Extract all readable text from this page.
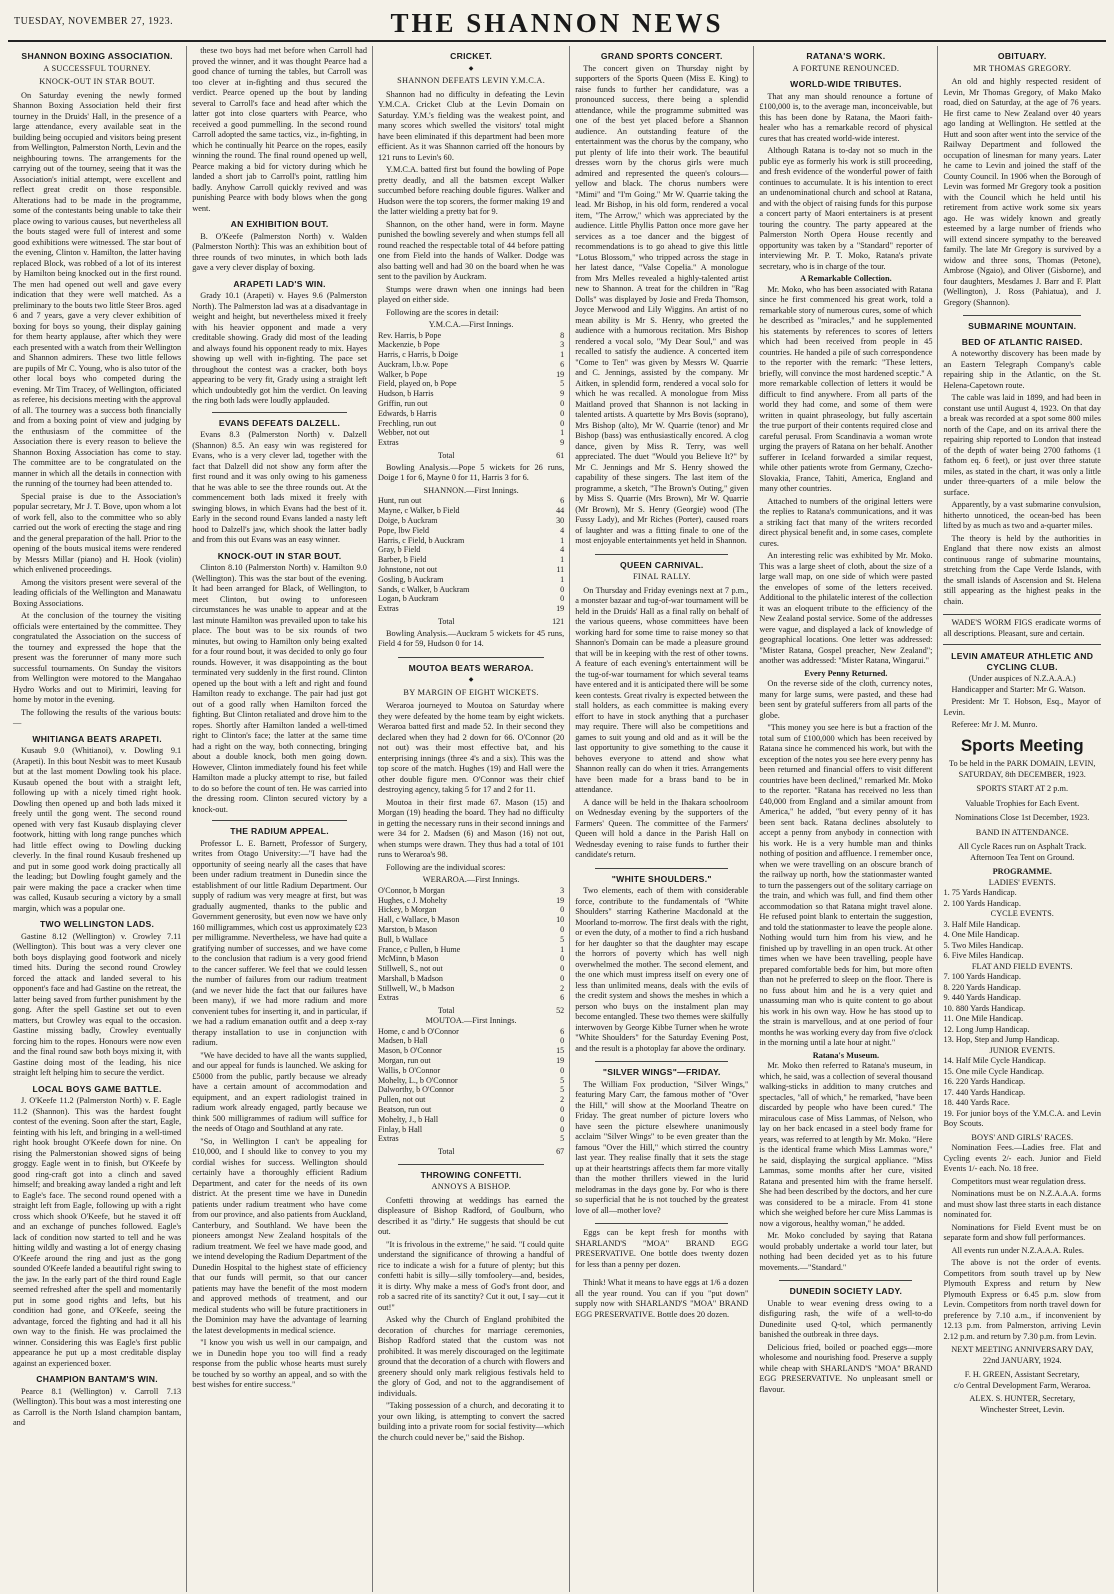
TUESDAY, NOVEMBER 27, 1923.	THE SHANNON NEWS
SHANNON BOXING ASSOCIATION.
A SUCCESSFUL TOURNEY.
KNOCK-OUT IN STAR BOUT.

On Saturday evening the newly formed Shannon Boxing Association held their first tourney in the Druids' Hall, in the presence of a large attendance, every available seat in the building being occupied and visitors being present from Wellington, Palmerston North, Levin and the neighbouring towns. The arrangements for the carrying out of the tourney, seeing that it was the Association's initial attempt, were excellent and reflect great credit on those responsible. Alterations had to be made in the programme, some of the contestants being unable to take their place owing to various causes, but nevertheless all the bouts staged were full of interest and some good exhibitions were witnessed. The star bout of the evening, Clinton v. Hamilton, the latter having replaced Block, was robbed of a lot of its interest by Hamilton being knocked out in the first round. The men had opened out well and gave every indication that they were well matched. As a preliminary to the bouts two little Steer Bros. aged 6 and 7 years, gave a very clever exhibition of boxing for boys so young, their display gaining for them hearty applause, after which they were each presented with a watch from their Wellington and Shannon admirers. These two little fellows are pupils of Mr C. Young, who is also tutor of the other local boys who competed during the evening. Mr Tim Tracey, of Wellington, officiated as referee, his decisions meeting with the approval of all. The tourney was a success both financially and from a boxing point of view and judging by the enthusiasm of the committee of the Association there is every reason to believe the Shannon Boxing Association has come to stay. The committee are to be congratulated on the manner in which all the details in connection with the running of the tourney had been attended to.

Special praise is due to the Association's popular secretary, Mr J. T. Bove, upon whom a lot of work fell, also to the committee who so ably carried out the work of erecting the stage and ring and the general preparation of the hall. Prior to the opening of the bouts musical items were rendered by Messrs Millar (piano) and H. Hook (violin) which enlivened proceedings.

Among the visitors present were several of the leading officials of the Wellington and Manawatu Boxing Associations.

At the conclusion of the tourney the visiting officials were entertained by the committee. They congratulated the Association on the success of the tourney and expressed the hope that the present was the forerunner of many more such successful tournaments. On Sunday the visitors from Wellington were motored to the Mangahao Hydro Works and out to Mirimiri, leaving for home by motor in the evening.

The following the results of the various bouts:—

WHITIANGA BEATS ARAPETI.

Kusaub 9.0 (Whitianoi), v. Dowling 9.1 (Arapeti). In this bout Nesbit was to meet Kusaub but at the last moment Dowling took his place. Kusaub opened the bout with a straight left, following up with a nicely timed right hook. Dowling then opened up and both lads mixed it freely until the gong went. The second round opened with very fast Kusaub displaying clever footwork, hitting with long range punches which had little effect owing to Dowling ducking cleverly. In the final round Kusaub freshened up and put in some good work doing practically all the leading; but Dowling fought gamely and the pair were making the pace a cracker when time was called, Kusaub securing a victory by a small margin, which was a popular one.

TWO WELLINGTON LADS.

Gastine 8.12 (Wellington) v. Crowley 7.11 (Wellington). This bout was a very clever one both boys displaying good footwork and nicely timed hits. During the second round Crowley forced the attack and landed several to his opponent's face and had Gastine on the retreat, the latter being saved from further punishment by the gong. After the spell Gastine set out to even matters, but Crowley was equal to the occasion. Gastine missing badly, Crowley eventually forcing him to the ropes. Honours were now even and the final round saw both boys mixing it, with Gastine doing most of the leading, his nice straight left helping him to secure the verdict.

LOCAL BOYS GAME BATTLE.

J. O'Keefe 11.2 (Palmerston North) v. F. Eagle 11.2 (Shannon). This was the hardest fought contest of the evening. Soon after the start, Eagle, feinting with his left, and bringing in a well-timed right hook brought O'Keefe down for nine. On rising the Palmerstonian showed signs of being groggy. Eagle went in to finish, but O'Keefe by good ring-craft got into a clinch and saved himself; and breaking away landed a right and left to Eagle's face. The second round opened with a straight left from Eagle, following up with a right cross which shook O'Keefe, but he staved it off and an exchange of punches followed. Eagle's lack of condition now started to tell and he was hitting wildly and wasting a lot of energy chasing O'Keefe around the ring and just as the gong sounded O'Keefe landed a beautiful right swing to the jaw. In the early part of the third round Eagle seemed refreshed after the spell and momentarily put in some good rights and lefts, but his condition had gone, and O'Keefe, seeing the advantage, forced the fighting and had it all his own way to the finish. He was proclaimed the winner. Considering this was Eagle's first public appearance he put up a most creditable display against an experienced boxer.

CHAMPION BANTAM'S WIN.

Pearce 8.1 (Wellington) v. Carroll 7.13 (Wellington). This bout was a most interesting one as Carroll is the North Island champion bantam, and

these two boys had met before when Carroll had proved the winner, and it was thought Pearce had a good chance of turning the tables, but Carroll was too clever at in-fighting and thus secured the verdict. Pearce opened up the bout by landing several to Carroll's face and head after which the latter got into close quarters with Pearce, who received a good pummelling. In the second round Carroll adopted the same tactics, viz., in-fighting, in which he continually hit Pearce on the ropes, easily winning the round. The final round opened up well, Pearce making a bid for victory during which he landed a short jab to Carroll's point, rattling him badly. Anyhow Carroll quickly revived and was punishing Pearce with body blows when the gong went.

AN EXHIBITION BOUT.

B. O'Keefe (Palmerston North) v. Walden (Palmerston North): This was an exhibition bout of three rounds of two minutes, in which both lads gave a very clever display of boxing.

ARAPETI LAD'S WIN.

Grady 10.1 (Arapeti) v. Hayes 9.6 (Palmerston North). The Palmerston lad was at a disadvantage in weight and height, but nevertheless mixed it freely with his heavier opponent and made a very creditable showing. Grady did most of the leading and always found his opponent ready to mix. Hayes showing up well with in-fighting. The pace set throughout the contest was a cracker, both boys appearing to be very fit, Grady using a straight left which undoubtedly got him the verdict. On leaving the ring both lads were loudly applauded.

EVANS DEFEATS DALZELL.

Evans 8.3 (Palmerston North) v. Dalzell (Shannon) 8.5. An easy win was registered for Evans, who is a very clever lad, together with the fact that Dalzell did not show any form after the first round and it was only owing to his gameness that he was able to see the three rounds out. At the commencement both lads mixed it freely with swinging blows, in which Evans had the best of it. Early in the second round Evans landed a nasty left hood to Dalzell's jaw, which shook the latter badly and from this out Evans was an easy winner.

KNOCK-OUT IN STAR BOUT.

Clinton 8.10 (Palmerston North) v. Hamilton 9.0 (Wellington). This was the star bout of the evening. It had been arranged for Black, of Wellington, to meet Clinton, but owing to unforeseen circumstances he was unable to appear and at the last minute Hamilton was prevailed upon to take his place. The bout was to be six rounds of two minutes, but owing to Hamilton only being exalted for a four round bout, it was decided to only go four rounds. However, it was disappointing as the bout terminated very suddenly in the first round. Clinton opened up the bout with a left and right and found Hamilton ready to exchange. The pair had just got out of a good rally when Hamilton forced the fighting. But Clinton retaliated and drove him to the ropes. Shortly after Hamilton landed a well-timed right to Clinton's face; the latter at the same time had a right on the way, both connecting, bringing about a double knock, both men going down. However, Clinton immediately found his feet while Hamilton made a plucky attempt to rise, but failed to do so before the count of ten. He was carried into the dressing room. Clinton secured victory by a knock-out.

THE RADIUM APPEAL.

Professor L. E. Barnett, Professor of Surgery, writes from Otago University:—"I have had the opportunity of seeing nearly all the cases that have been under radium treatment in Dunedin since the establishment of our little Radium Department. Our supply of radium was very meagre at first, but was gradually augmented, thanks to the public and Government generosity, but even now we have only 160 milligrammes, which cost us approximately £23 per milligramme. Nevertheless, we have had quite a gratifying number of successes, and we have come to the conclusion that radium is a very good friend to the cancer sufferer. We feel that we could lessen the number of failures from our radium treatment (and we never hide the fact that our failures have been many), if we had more radium and more convenient tubes for inserting it, and in particular, if we had a radium emanation outfit and a deep x-ray therapy installation to use in conjunction with radium.

"We have decided to have all the wants supplied, and our appeal for funds is launched. We asking for £5000 from the public, partly because we already have a certain amount of accommodation and equipment, and an expert radiologist trained in radium work already engaged, partly because we think 500 milligrammes of radium will suffice for the needs of Otago and Southland at any rate.

"So, in Wellington I can't be appealing for £10,000, and I should like to convey to you my cordial wishes for success. Wellington should certainly have a thoroughly efficient Radium Department, and cater for the needs of its own district. At the present time we have in Dunedin patients under radium treatment who have come from our province, and also patients from Auckland, Canterbury, and Southland. We have been the pioneers amongst New Zealand hospitals of the radium treatment. We feel we have made good, and we intend developing the Radium Department of the Dunedin Hospital to the highest state of efficiency that our funds will permit, so that our cancer patients may have the benefit of the most modern and approved methods of treatment, and our medical students who will be future practitioners in the Dominion may have the advantage of learning the latest developments in medical science.

"I know you wish us well in our campaign, and we in Dunedin hope you too will find a ready response from the public whose hearts must surely be touched by so worthy an appeal, and so with the best wishes for entire success."

CRICKET.
◆
SHANNON DEFEATS LEVIN Y.M.C.A.

Shannon had no difficulty in defeating the Levin Y.M.C.A. Cricket Club at the Levin Domain on Saturday. Y.M.'s fielding was the weakest point, and many scores which swelled the visitors' total might have been eliminated if this department had been more efficient. As it was Shannon carried off the honours by 121 runs to Levin's 60.

Y.M.C.A. batted first but found the bowling of Pope pretty deadly, and all the batsmen except Walker succumbed before reaching double figures. Walker and Hudson were the top scorers, the former making 19 and the latter wielding a pretty bat for 9.

Shannon, on the other hand, were in form. Mayne punished the bowling severely and when stumps fell all round reached the respectable total of 44 before patting one from Field into the hands of Walker. Dodge was also batting well and had 30 on the board when he was sent to the pavilion by Auckram.

Stumps were drawn when one innings had been played on either side.

Following are the scores in detail:

Y.M.C.A.—First Innings.
Rev. Harris, b Pope	8
Mackenzie, b Pope	3
Harris, c Harris, b Doige	1
Auckram, l.b.w. Pope	6
Walker, b Pope	19
Field, played on, b Pope	5
Hudson, b Harris	9
Griffin, run out	0
Edwards, b Harris	0
Frechling, run out	0
Webber, not out	1
Extras	9
Total	61

Bowling Analysis.—Pope 5 wickets for 26 runs, Doige 1 for 6, Mayne 0 for 11, Harris 3 for 6.

SHANNON.—First Innings.
Hunt, run out	6
Mayne, c Walker, b Field	44
Doige, b Auckram	30
Pope, lbw Field	4
Harris, c Field, b Auckram	1
Gray, b Field	4
Barber, b Field	1
Johnstone, not out	11
Gosling, b Auckram	1
Sands, c Walker, b Auckram	0
Logan, b Auckram	0
Extras	19
Total	121

Bowling Analysis.—Auckram 5 wickets for 45 runs, Field 4 for 59, Hudson 0 for 14.

MOUTOA BEATS WERAROA.
◆
BY MARGIN OF EIGHT WICKETS.

Weraroa journeyed to Moutoa on Saturday where they were defeated by the home team by eight wickets. Weraroa batted first and made 52. In their second they declared when they had 2 down for 66. O'Connor (20 not out) was their most effective bat, and his enterprising innings (three 4's and a six). This was the top score of the match. Hughes (19) and Hall were the other double figure men. O'Connor was their chief destroying agency, taking 5 for 17 and 2 for 11.

Moutoa in their first made 67. Mason (15) and Morgan (19) heading the board. They had no difficulty in getting the necessary runs in their second innings and were 34 for 2. Madsen (6) and Mason (16) not out, when stumps were drawn. They thus had a total of 101 runs to Weraroa's 98.

Following are the individual scores:

WERAROA.—First Innings.
O'Connor, b Morgan	3
Hughes, c J. Mohelty	19
Hickey, b Morgan	0
Hall, c Wallace, b Mason	10
Marston, b Mason	0
Bull, b Wallace	5
France, c Pullen, b Hume	1
McMinn, b Mason	0
Stillwell, S., not out	0
Marshall, b Madson	0
Stillwell, W., b Madson	2
Extras	6
Total	52
MOUTOA.—First Innings.
Home, c and b O'Connor	6
Madsen, b Hall	0
Mason, b O'Connor	15
Morgan, run out	19
Wallis, b O'Connor	0
Mohelty, L., b O'Connor	5
Dalworthy, b O'Connor	5
Pullen, not out	2
Beatson, run out	0
Mohelty, J., b Hall	0
Finlay, b Hall	0
Extras	5
Total	67
THROWING CONFETTI.
ANNOYS A BISHOP.

Confetti throwing at weddings has earned the displeasure of Bishop Radford, of Goulburn, who described it as "dirty." He suggests that should be cut out.

"It is frivolous in the extreme," he said. "I could quite understand the significance of throwing a handful of rice to indicate a wish for a future of plenty; but this confetti habit is silly—silly tomfoolery—and, besides, it is dirty. Why make a mess of God's front door, and rob a sacred rite of its sanctity? Cut it out, I say—cut it out!"

Asked why the Church of England prohibited the decoration of churches for marriage ceremonies, Bishop Radford stated that the custom was not prohibited. It was merely discouraged on the legitimate ground that the decoration of a church with flowers and greenery should only mark religious festivals held to the glory of God, and not to the aggrandisement of individuals.

"Taking possession of a church, and decorating it to your own liking, is attempting to convert the sacred building into a private room for social festivity—which the church could never be," said the Bishop.

GRAND SPORTS CONCERT.

The concert given on Thursday night by supporters of the Sports Queen (Miss E. King) to raise funds to further her candidature, was a pronounced success, there being a splendid attendance, while the programme submitted was one of the best yet placed before a Shannon audience. An outstanding feature of the entertainment was the chorus by the company, who put plenty of life into their work. The beautiful dresses worn by the chorus girls were much admired and represented the queen's colours—yellow and black. The chorus numbers were "Mimi" and "I'm Going." Mr W. Quarrie taking the lead. Mr Bishop, in his old form, rendered a vocal item, "The Arrow," which was appreciated by the audience. Little Phyllis Patton once more gave her services as a toe dancer and the biggest of recommendations is to go ahead to give this little "Lotus Blossom," who tripped across the stage in her latest dance, "Valse Copelia." A monologue from Mrs Melles revealed a highly-talented artist new to Shannon. A treat for the children in "Rag Dolls" was displayed by Josie and Freda Thomson, Joyce Merwood and Lily Wiggins. An artist of no mean ability is Mr S. Henry, who greeted the audience with a humorous recitation. Mrs Bishop rendered a vocal solo, "My Dear Soul," and was recalled to satisfy the audience. A concerted item "Come to Ten" was given by Messrs W. Quarrie and C. Jennings, assisted by the company. Mr Aitken, in splendid form, rendered a vocal solo for which he was recalled. A monologue from Miss Maitland proved that Shannon is not lacking in talented artists. A quartette by Mrs Bovis (soprano), Mrs Bishop (alto), Mr W. Quarrie (tenor) and Mr Bishop (bass) was enthusiastically encored. A clog dance, given by Miss R. Terry, was well appreciated. The duet "Would you Believe It?" by Mr C. Jennings and Mr S. Henry showed the capability of these singers. The last item of the programme, a sketch, "The Brown's Outing," given by Miss S. Quarrie (Mrs Brown), Mr W. Quarrie (Mr Brown), Mr S. Henry (Georgie) wood (The Fussy Lady), and Mr Riches (Porter), caused roars of laughter and was a fitting finale to one of the most enjoyable entertainments yet held in Shannon.

QUEEN CARNIVAL.
FINAL RALLY.

On Thursday and Friday evenings next at 7 p.m., a monster bazaar and tug-of-war tournament will be held in the Druids' Hall as a final rally on behalf of the various queens, whose committees have been working hard for some time to raise money so that Shannon's Domain can be made a pleasure ground that will be in keeping with the rest of other towns. A feature of each evening's entertainment will be the tug-of-war tournament for which several teams have entered and it is anticipated there will be some keen contests. Great rivalry is expected between the stall holders, as each committee is making every effort to have in stock anything that a purchaser may require. There will also be competitions and games to suit young and old and as it will be the last opportunity to give something to the cause it behoves everyone to attend and show what Shannon really can do when it tries. Arrangements have been made for a brass band to be in attendance.

A dance will be held in the Ihakara schoolroom on Wednesday evening by the supporters of the Farmers' Queen. The committee of the Farmers' Queen will hold a dance in the Parish Hall on Wednesday evening to raise funds to further their candidate's return.

"WHITE SHOULDERS."

Two elements, each of them with considerable force, contribute to the fundamentals of "White Shoulders" starring Katherine Macdonald at the Moorland to-morrow. The first deals with the right, or even the duty, of a mother to find a rich husband for her daughter so that the daughter may escape the horrors of poverty which has well nigh overwhelmed the mother. The second element, and the one which must impress itself on every one of less than unlimited means, deals with the evils of the credit system and shows the meshes in which a person who buys on the instalment plan may become entangled. These two themes were skilfully interwoven by George Kibbe Turner when he wrote "White Shoulders" for the Saturday Evening Post, and the result is a photoplay far above the ordinary.

"SILVER WINGS"—FRIDAY.

The William Fox production, "Silver Wings," featuring Mary Carr, the famous mother of "Over the Hill," will show at the Moorland Theatre on Friday. The great number of picture lovers who have seen the picture elsewhere unanimously acclaim "Silver Wings" to be even greater than the famous "Over the Hill," which stirred the country last year. They realise finally that it sets the stage up at their heartstrings affects them far more vitally than the mother thrillers viewed in the lurid melodramas in the days gone by. For who is there so superficial that he is not touched by the greatest love of all—mother love?

Eggs can be kept fresh for months with SHARLAND'S "MOA" BRAND EGG PRESERVATIVE. One bottle does twenty dozen for less than a penny per dozen.

Think! What it means to have eggs at 1/6 a dozen all the year round. You can if you "put down" supply now with SHARLAND'S "MOA" BRAND EGG PRESERVATIVE. Bottle does 20 dozen.

RATANA'S WORK.
A FORTUNE RENOUNCED.
WORLD-WIDE TRIBUTES.

That any man should renounce a fortune of £100,000 is, to the average man, inconceivable, but this has been done by Ratana, the Maori faith-healer who has a remarkable record of physical cures that has created world-wide interest.

Although Ratana is to-day not so much in the public eye as formerly his work is still proceeding, and fresh evidence of the wonderful power of faith continues to accumulate. It is his intention to erect an undenominational church and school at Ratana, and with the object of raising funds for this purpose a concert party of Maori entertainers is at present touring the country. The party appeared at the Palmerston North Opera House recently and opportunity was taken by a "Standard" reporter of interviewing Mr. P. T. Moko, Ratana's private secretary, who is in charge of the tour.

A Remarkable Collection.

Mr. Moko, who has been associated with Ratana since he first commenced his great work, told a remarkable story of numerous cures, some of which he described as "miracles," and he supplemented his statements by references to scores of letters which had been received from people in 45 countries. He handed a pile of such correspondence to the reporter with the remark: "These letters, briefly, will convince the most hardened sceptic." A more remarkable collection of letters it would be difficult to find anywhere. From all parts of the world they had come, and some of them were written in quaint phraseology, but fully ascertain the true purport of their contents required close and careful perusal. From Scandinavia a woman wrote urging the prayers of Ratana on her behalf. Another sufferer in Iceland forwarded a similar request, while other patients wrote from Germany, Czecho-Slovakia, France, Tahiti, America, England and many other countries.

Attached to numbers of the original letters were the replies to Ratana's communications, and it was a striking fact that many of the writers recorded direct physical benefit and, in some cases, complete cures.

An interesting relic was exhibited by Mr. Moko. This was a large sheet of cloth, about the size of a large wall map, on one side of which were pasted the envelopes of some of the letters received. Additional to the philatelic interest of the collection it was an eloquent tribute to the efficiency of the New Zealand postal service. Some of the addresses were vague, and displayed a lack of knowledge of geographical locations. One letter was addressed: "Mister Ratana, Gospel preacher, New Zealand"; another was addressed: "Mister Ratana, Wingarui."

Every Penny Returned.

On the reverse side of the cloth, currency notes, many for large sums, were pasted, and these had been sent by grateful sufferers from all parts of the globe.

"This money you see here is but a fraction of the total sum of £100,000 which has been received by Ratana since he commenced his work, but with the exception of the notes you see here every penny has been returned and financial offers to visit different countries have been declined," remarked Mr. Moko to the reporter. "Ratana has received no less than £40,000 from England and a similar amount from America," he added, "but every penny of it has been sent back. Ratana declines absolutely to accept a penny from anybody in connection with his work. He is a very humble man and thinks nothing of position and affluence. I remember once, when we were travelling on an obscure branch of the railway up north, how the stationmaster wanted to turn the passengers out of the solitary carriage on the train, and which was full, and find them other accommodation so that Ratana might travel alone. He refused point blank to entertain the suggestion, and told the stationmaster to leave the people alone. Nothing would turn him from his view, and he finished up by travelling in an open truck. At other times when we have been travelling, people have prepared comfortable beds for him, but more often than not he preferred to sleep on the floor. There is no fuss about him and he is a very quiet and unassuming man who is quite content to go about his work in his own way. How he has stood up to the strain is marvellous, and at one period of four months he was working every day from five o'clock in the morning until a late hour at night."

Ratana's Museum.

Mr. Moko then referred to Ratana's museum, in which, he said, was a collection of several thousand walking-sticks in addition to many crutches and spectacles, "all of which," he remarked, "have been discarded by people who have been cured." The miraculous case of Miss Lammas, of Nelson, who lay on her back encased in a steel body frame for years, was referred to at length by Mr. Moko. "Here is the identical frame which Miss Lammas wore," he said, displaying the surgical appliance. "Miss Lammas, some months after her cure, visited Ratana and presented him with the frame herself. She had been described by the doctors, and her cure was considered to be a miracle. From 41 stone which she weighed before her cure Miss Lammas is now a vigorous, healthy woman," he added.

Mr. Moko concluded by saying that Ratana would probably undertake a world tour later, but nothing had been decided yet as to his future movements.—"Standard."

DUNEDIN SOCIETY LADY.

Unable to wear evening dress owing to a disfiguring rash, the wife of a well-to-do Dunedinite used Q-tol, which permanently banished the outbreak in three days.

Delicious fried, boiled or poached eggs—more wholesome and nourishing food. Preserve a supply while cheap with SHARLAND'S "MOA" BRAND EGG PRESERVATIVE. No unpleasant smell or flavour.

OBITUARY.
MR THOMAS GREGORY.

An old and highly respected resident of Levin, Mr Thomas Gregory, of Mako Mako road, died on Saturday, at the age of 76 years. He first came to New Zealand over 40 years ago landing at Wellington. He settled at the Hutt and soon after went into the service of the Railway Department and followed the occupation of linesman for many years. Later he came to Levin and joined the staff of the County Council. In 1906 when the Borough of Levin was formed Mr Gregory took a position with the Council which he held until his retirement from active work some six years ago. He was widely known and greatly esteemed by a large number of friends who will extend sincere sympathy to the bereaved family. The late Mr Gregory is survived by a widow and three sons, Thomas (Petone), Ambrose (Ngaio), and Oliver (Gisborne), and four daughters, Mesdames J. Barr and F. Platt (Wellington), J. Ross (Pahiatua), and J. Gregory (Shannon).

SUBMARINE MOUNTAIN.
BED OF ATLANTIC RAISED.

A noteworthy discovery has been made by an Eastern Telegraph Company's cable repairing ship in the Atlantic, on the St. Helena-Capetown route.

The cable was laid in 1899, and had been in constant use until August 4, 1923. On that day a break was recorded at a spot some 800 miles north of the Cape, and on its arrival there the repairing ship reported to London that instead of the depth of water being 2700 fathoms (1 fathom eq. 6 feet), or just over three statute miles, as stated in the chart, it was only a little under three-quarters of a mile below the surface.

Apparently, by a vast submarine convulsion, hitherto unnoticed, the ocean-bed has been lifted by as much as two and a-quarter miles.

The theory is held by the authorities in England that there now exists an almost continuous range of submarine mountains, stretching from the Cape Verde Islands, with the small islands of Ascension and St. Helena still appearing as the highest peaks in the chain.

WADE'S WORM FIGS eradicate worms of all descriptions. Pleasant, sure and certain.

LEVIN AMATEUR ATHLETIC AND CYCLING CLUB.
(Under auspices of N.Z.A.A.A.)

Handicapper and Starter: Mr G. Watson.

President: Mr T. Hobson, Esq., Mayor of Levin.

Referee: Mr J. M. Munro.

Sports Meeting
To be held in the PARK DOMAIN, LEVIN, SATURDAY, 8th DECEMBER, 1923.
SPORTS START AT 2 p.m.
Valuable Trophies for Each Event.
Nominations Close 1st December, 1923.
BAND IN ATTENDANCE.
All Cycle Races run on Asphalt Track. Afternoon Tea Tent on Ground.
PROGRAMME.
LADIES' EVENTS.
1. 75 Yards Handicap.
2. 100 Yards Handicap.
CYCLE EVENTS.
3. Half Mile Handicap.
4. One Mile Handicap.
5. Two Miles Handicap.
6. Five Miles Handicap.
FLAT AND FIELD EVENTS.
7. 100 Yards Handicap.
8. 220 Yards Handicap.
9. 440 Yards Handicap.
10. 880 Yards Handicap.
11. One Mile Handicap.
12. Long Jump Handicap.
13. Hop, Step and Jump Handicap.
JUNIOR EVENTS.
14. Half Mile Cycle Handicap.
15. One mile Cycle Handicap.
16. 220 Yards Handicap.
17. 440 Yards Handicap.
18. 440 Yards Race.
19. For junior boys of the Y.M.C.A. and Levin Boy Scouts.
BOYS' AND GIRLS' RACES.

Nomination Fees.—Ladies free. Flat and Cycling events 2/- each. Junior and Field Events 1/- each. No. 18 free.

Competitors must wear regulation dress.

Nominations must be on N.Z.A.A.A. forms and must show last three starts in each distance nominated for.

Nominations for Field Event must be on separate form and show full performances.

All events run under N.Z.A.A.A. Rules.

The above is not the order of events. Competitors from south travel up by New Plymouth Express and return by New Plymouth Express or 6.45 p.m. slow from Levin. Competitors from north travel down for preference by 7.10 a.m., if inconvenient by 12.13 p.m. from Palmerston, arriving Levin 2.12 p.m. and return by 7.30 p.m. from Levin.

NEXT MEETING ANNIVERSARY DAY, 22nd JANUARY, 1924.
F. H. GREEN, Assistant Secretary,
c/o Central Development Farm, Weraroa.
ALEX. S. HUNTER, Secretary,
Winchester Street, Levin.
